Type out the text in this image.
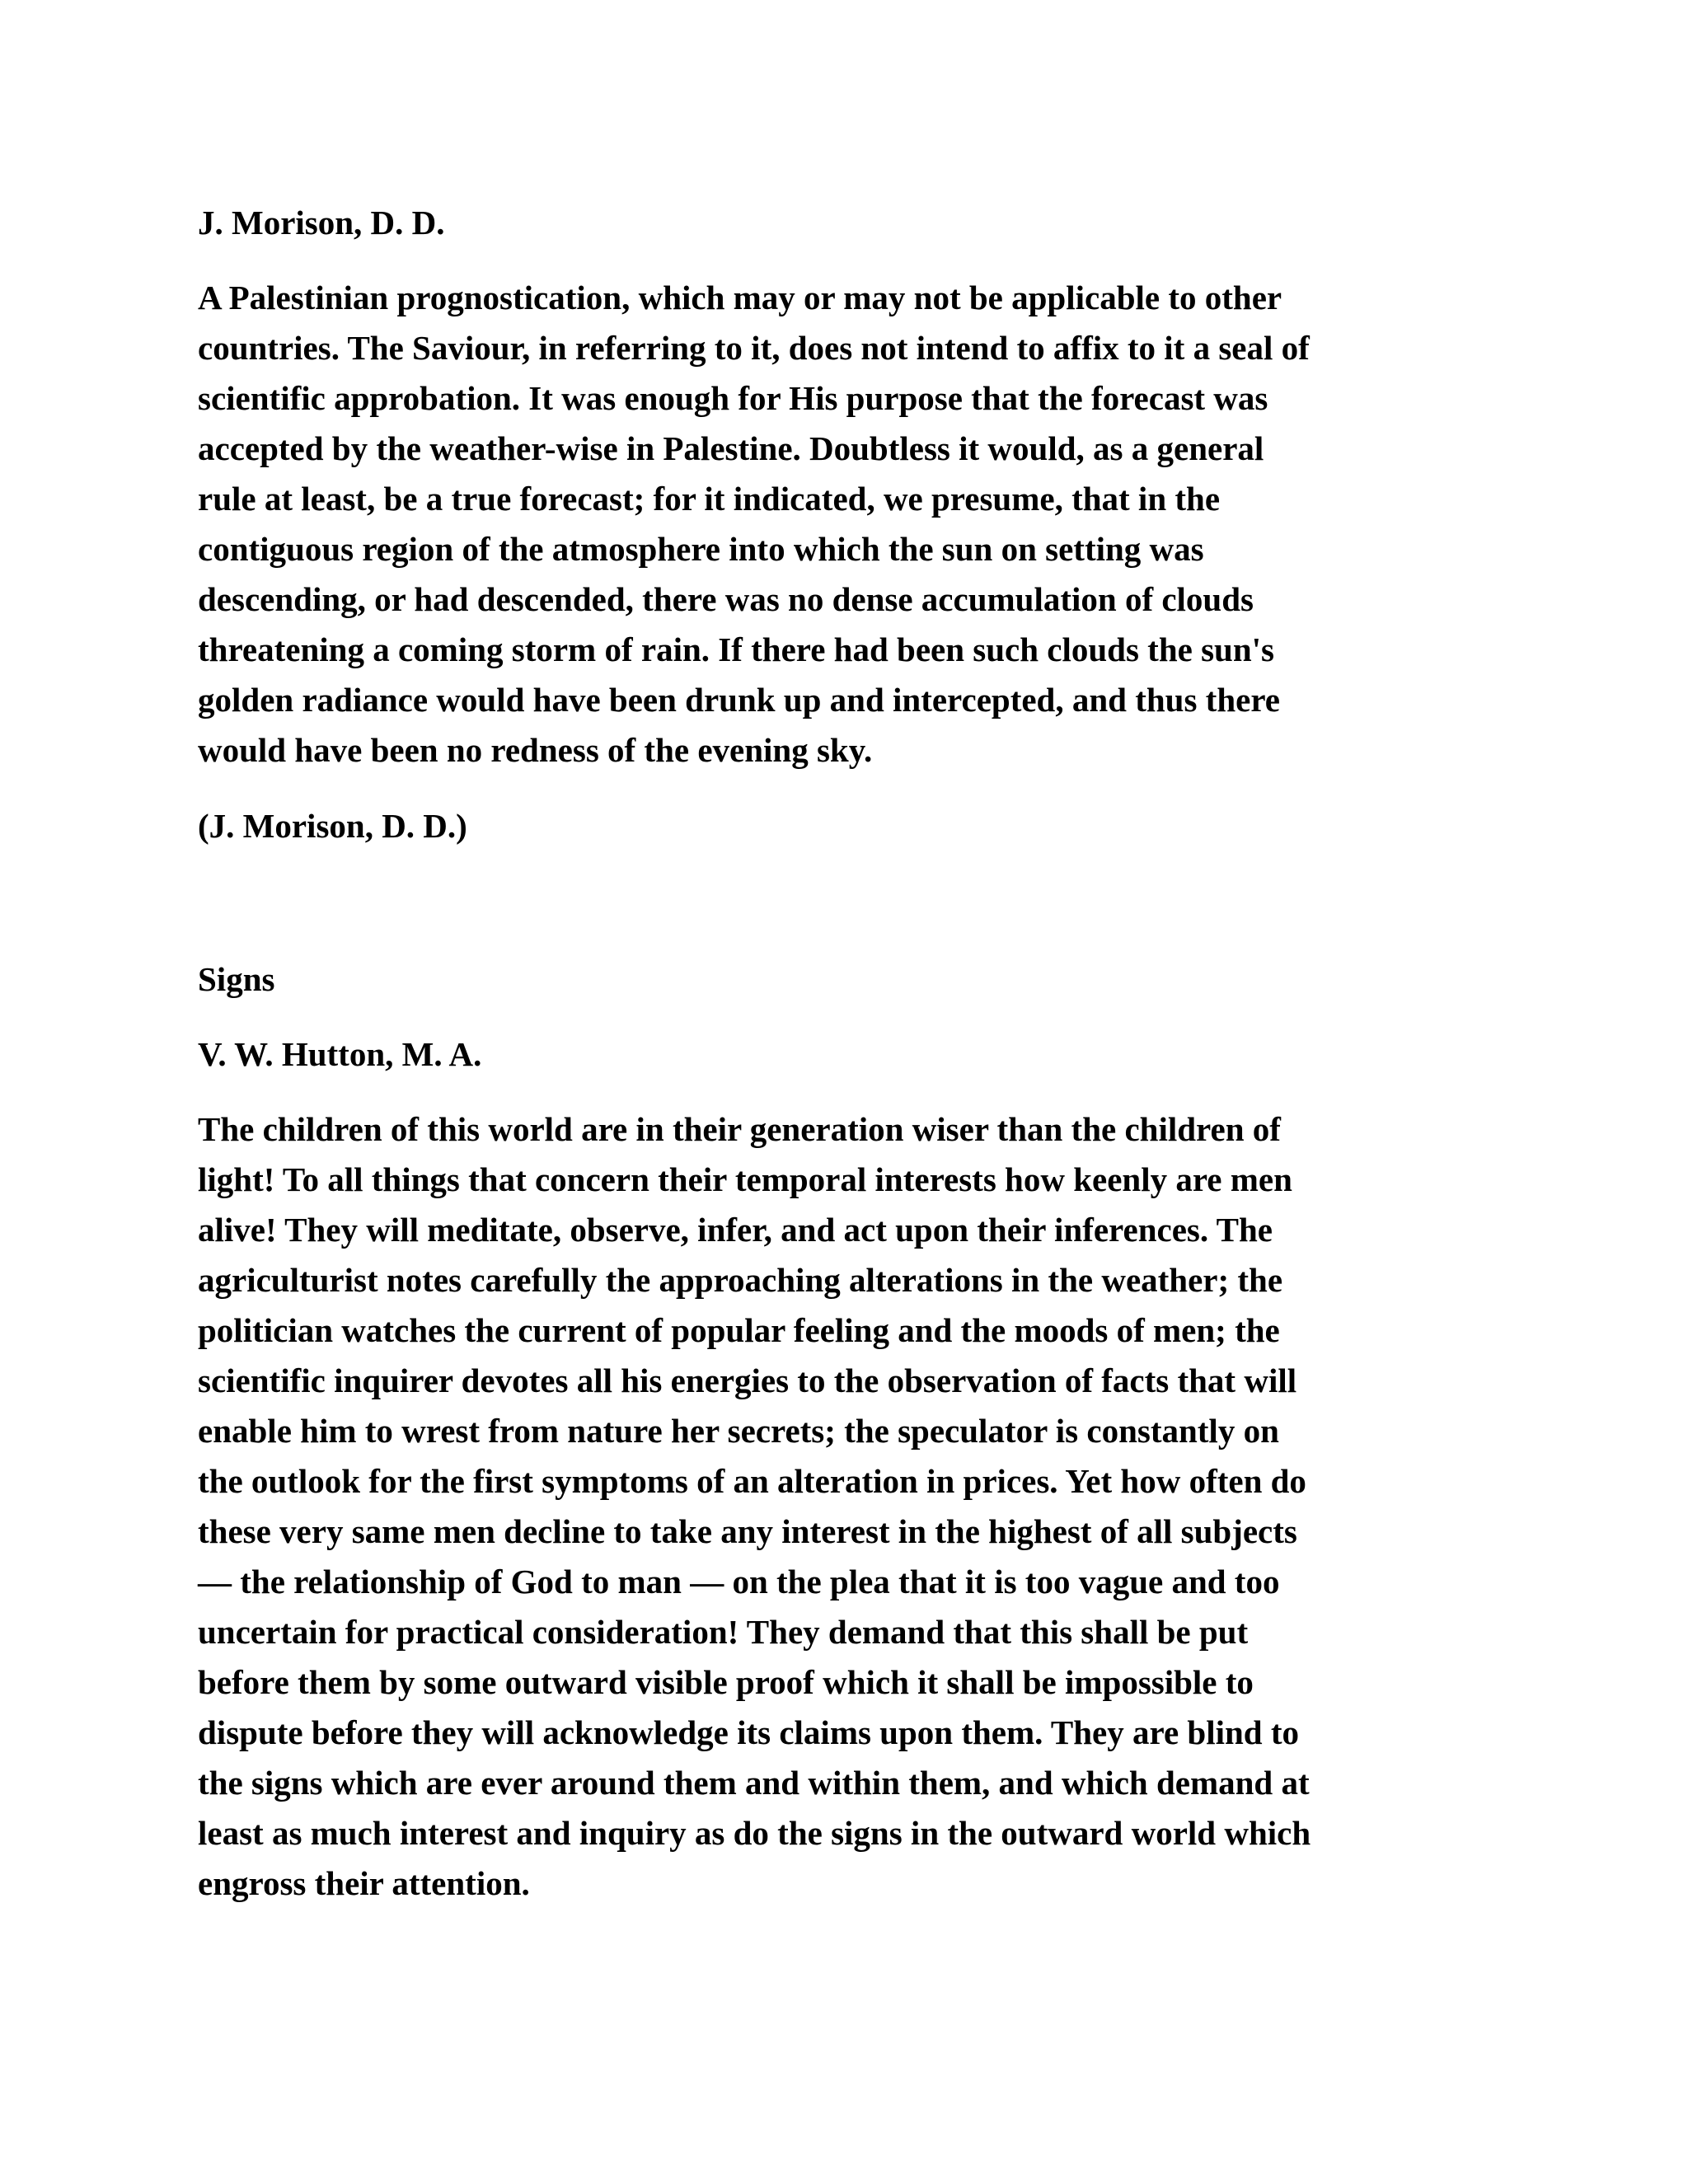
J. Morison, D. D.
A Palestinian prognostication, which may or may not be applicable to other
countries. The Saviour, in referring to it, does not intend to affix to it a seal of
scientific approbation. It was enough for His purpose that the forecast was
accepted by the weather-wise in Palestine. Doubtless it would, as a general
rule at least, be a true forecast; for it indicated, we presume, that in the
contiguous region of the atmosphere into which the sun on setting was
descending, or had descended, there was no dense accumulation of clouds
threatening a coming storm of rain. If there had been such clouds the sun's
golden radiance would have been drunk up and intercepted, and thus there
would have been no redness of the evening sky.
(J. Morison, D. D.)
Signs
V. W. Hutton, M. A.
The children of this world are in their generation wiser than the children of
light! To all things that concern their temporal interests how keenly are men
alive! They will meditate, observe, infer, and act upon their inferences. The
agriculturist notes carefully the approaching alterations in the weather; the
politician watches the current of popular feeling and the moods of men; the
scientific inquirer devotes all his energies to the observation of facts that will
enable him to wrest from nature her secrets; the speculator is constantly on
the outlook for the first symptoms of an alteration in prices. Yet how often do
these very same men decline to take any interest in the highest of all subjects
— the relationship of God to man — on the plea that it is too vague and too
uncertain for practical consideration! They demand that this shall be put
before them by some outward visible proof which it shall be impossible to
dispute before they will acknowledge its claims upon them. They are blind to
the signs which are ever around them and within them, and which demand at
least as much interest and inquiry as do the signs in the outward world which
engross their attention.
